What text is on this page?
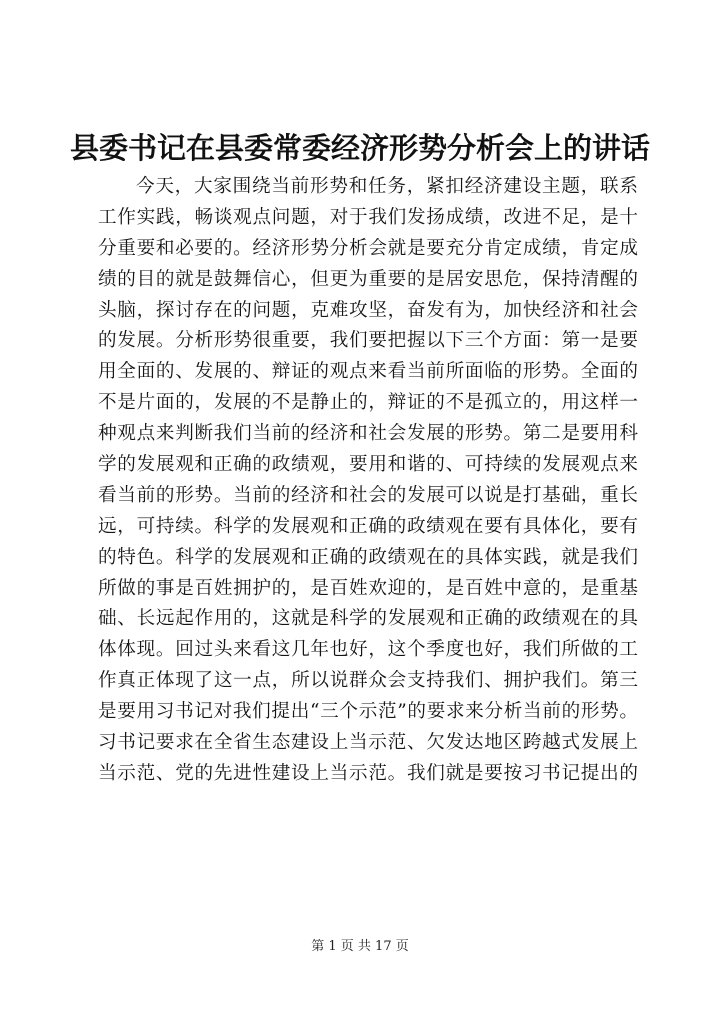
县委书记在县委常委经济形势分析会上的讲话
今天，大家围绕当前形势和任务，紧扣经济建设主题，联系
工作实践，畅谈观点问题，对于我们发扬成绩，改进不足，是十
分重要和必要的。经济形势分析会就是要充分肯定成绩，肯定成
绩的目的就是鼓舞信心，但更为重要的是居安思危，保持清醒的
头脑，探讨存在的问题，克难攻坚，奋发有为，加快经济和社会
的发展。分析形势很重要，我们要把握以下三个方面：第一是要
用全面的、发展的、辩证的观点来看当前所面临的形势。全面的
不是片面的，发展的不是静止的，辩证的不是孤立的，用这样一
种观点来判断我们当前的经济和社会发展的形势。第二是要用科
学的发展观和正确的政绩观，要用和谐的、可持续的发展观点来
看当前的形势。当前的经济和社会的发展可以说是打基础，重长
远，可持续。科学的发展观和正确的政绩观在要有具体化，要有
的特色。科学的发展观和正确的政绩观在的具体实践，就是我们
所做的事是百姓拥护的，是百姓欢迎的，是百姓中意的，是重基
础、长远起作用的，这就是科学的发展观和正确的政绩观在的具
体体现。回过头来看这几年也好，这个季度也好，我们所做的工
作真正体现了这一点，所以说群众会支持我们、拥护我们。第三
是要用习书记对我们提出“三个示范”的要求来分析当前的形势。
习书记要求在全省生态建设上当示范、欠发达地区跨越式发展上
当示范、党的先进性建设上当示范。我们就是要按习书记提出的
第 1 页 共 17 页
